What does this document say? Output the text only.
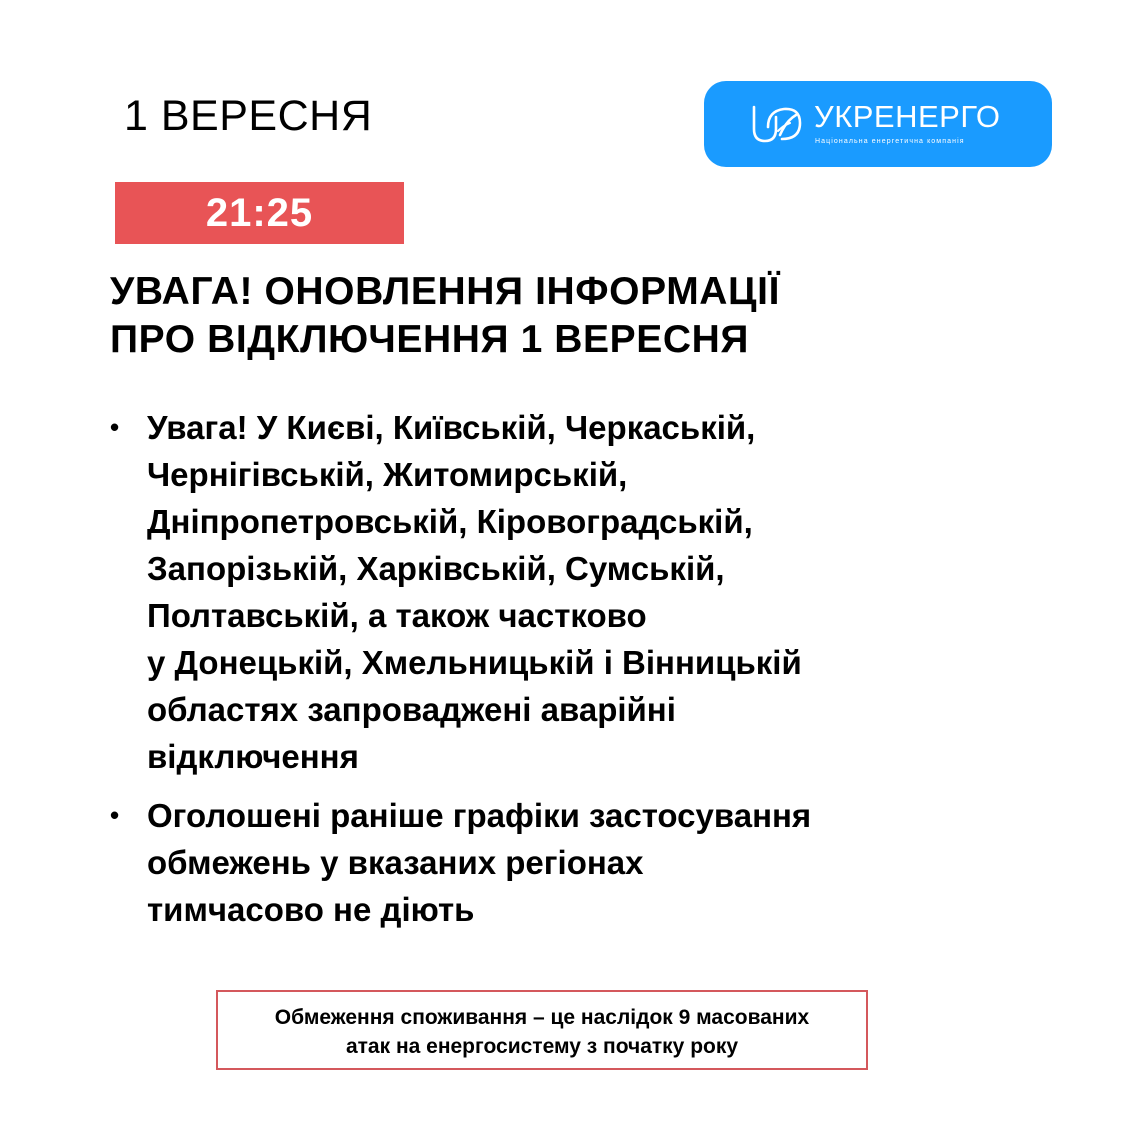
1 ВЕРЕСНЯ	УКРЕНЕРГО
Національна енергетична компанія
21:25
УВАГА! ОНОВЛЕННЯ ІНФОРМАЦІЇ
ПРО ВІДКЛЮЧЕННЯ 1 ВЕРЕСНЯ
• Увага! У Києві, Київській, Черкаській,
Чернігівській, Житомирській,
Дніпропетровській, Кіровоградській,
Запорізькій, Харківській, Сумській,
Полтавській, а також частково
у Донецькій, Хмельницькій і Вінницькій
областях запроваджені аварійні
відключення
• Оголошені раніше графіки застосування
обмежень у вказаних регіонах
тимчасово не діють
Обмеження споживання – це наслідок 9 масованих
атак на енергосистему з початку року
